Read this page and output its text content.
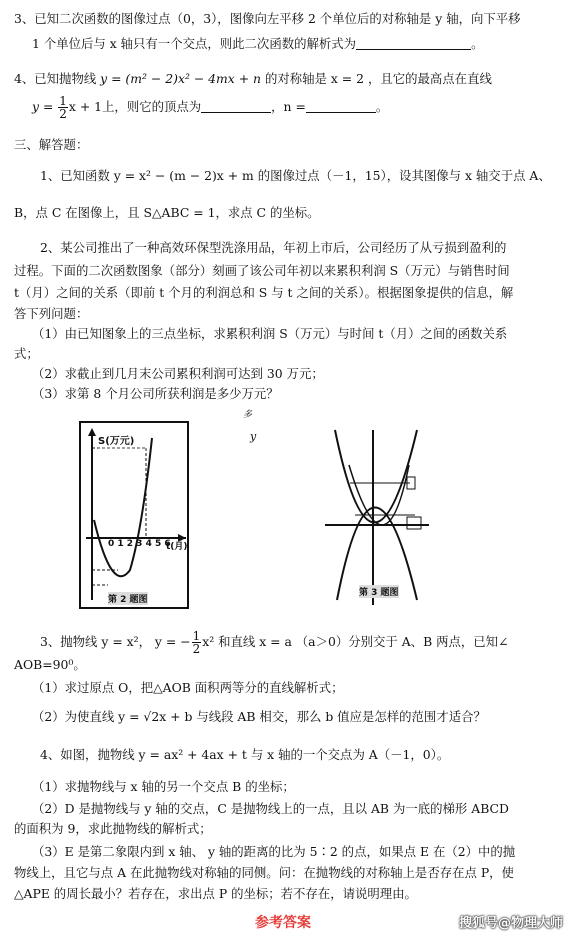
3、已知二次函数的图像过点（0，3），图像向左平移 2 个单位后的对称轴是 y 轴，向下平移
1 个单位后与 x 轴只有一个交点，则此二次函数的解析式为	。
4、已知抛物线 y = (m² − 2)x² − 4mx + n 的对称轴是 x = 2 ，且它的最高点在直线
$y = \frac{1}{2}$ x + 1上，则它的顶点为	，n =	。
三、解答题：
1、已知函数 y = x² − (m − 2)x + m 的图像过点（－1，15），设其图像与 x 轴交于点 A、
B，点 C 在图像上，且 S△ABC = 1，求点 C 的坐标。
2、某公司推出了一种高效环保型洗涤用品，年初上市后，公司经历了从亏损到盈利的
过程。下面的二次函数图象（部分）刻画了该公司年初以来累积利润 S（万元）与销售时间
t（月）之间的关系（即前 t 个月的利润总和 S 与 t 之间的关系）。根据图象提供的信息，解
答下列问题：
（1）由已知图象上的三点坐标，求累积利润 S（万元）与时间 t（月）之间的函数关系
式；
（2）求截止到几月末公司累积利润可达到 30 万元；
（3）求第 8 个月公司所获利润是多少万元？
多
y
S(万元)
0 1 2 3 4 5 6
t(月)
第 2 题图
第 3 题图
3、抛物线 y = x²， y = − $\frac{1}{2} x^2$ 和直线 x = a （a＞0）分别交于 A、B 两点，已知∠
AOB=90⁰。
（1）求过原点 O，把△AOB 面积两等分的直线解析式；
（2）为使直线 y = √2x + b 与线段 AB 相交，那么 b 值应是怎样的范围才适合？
4、如图，抛物线 y = ax² + 4ax + t 与 x 轴的一个交点为 A（－1，0）。
（1）求抛物线与 x 轴的另一个交点 B 的坐标；
（2）D 是抛物线与 y 轴的交点，C 是抛物线上的一点，且以 AB 为一底的梯形 ABCD
的面积为 9，求此抛物线的解析式；
（3）E 是第二象限内到 x 轴、 y 轴的距离的比为 5∶2 的点，如果点 E 在（2）中的抛
物线上，且它与点 A 在此抛物线对称轴的同侧。问：在抛物线的对称轴上是否存在点 P，使
△APE 的周长最小？若存在，求出点 P 的坐标；若不存在，请说明理由。
参考答案	搜狐号@物理大师
